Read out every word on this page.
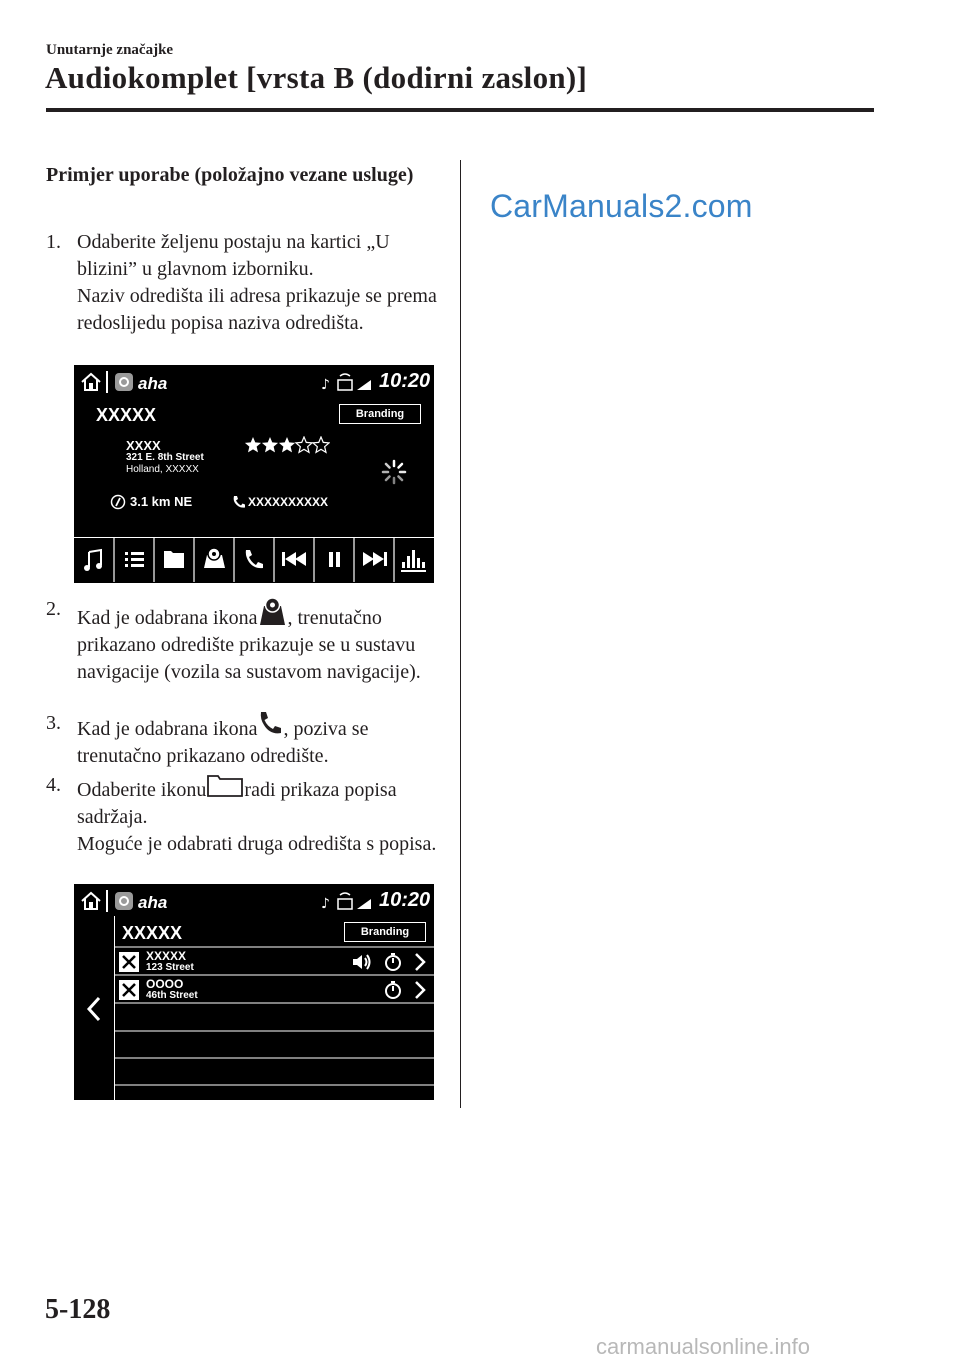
Unutarnje značajke
Audiokomplet [vrsta B (dodirni zaslon)]
CarManuals2.com
Primjer uporabe (položajno vezane usluge)
1. Odaberite željenu postaju na kartici „U blizini” u glavnom izborniku.

Naziv odredišta ili adresa prikazuje se prema redoslijedu popisa naziva odredišta.

aha	♪ 10:20
XXXXX	Branding
XXXX
321 E. 8th Street
Holland, XXXXX
3.1 km NE	XXXXXXXXXX
2. Kad je odabrana ikona , trenutačno prikazano odredište prikazuje se u sustavu navigacije (vozila sa sustavom navigacije).
3. Kad je odabrana ikona , poziva se trenutačno prikazano odredište.
4. Odaberite ikonu radi prikaza popisa sadržaja.

Moguće je odabrati druga odredišta s popisa.

aha	♪ 10:20
XXXXX	Branding
XXXXX
123 Street
OOOO
46th Street
5-128
carmanualsonline.info
